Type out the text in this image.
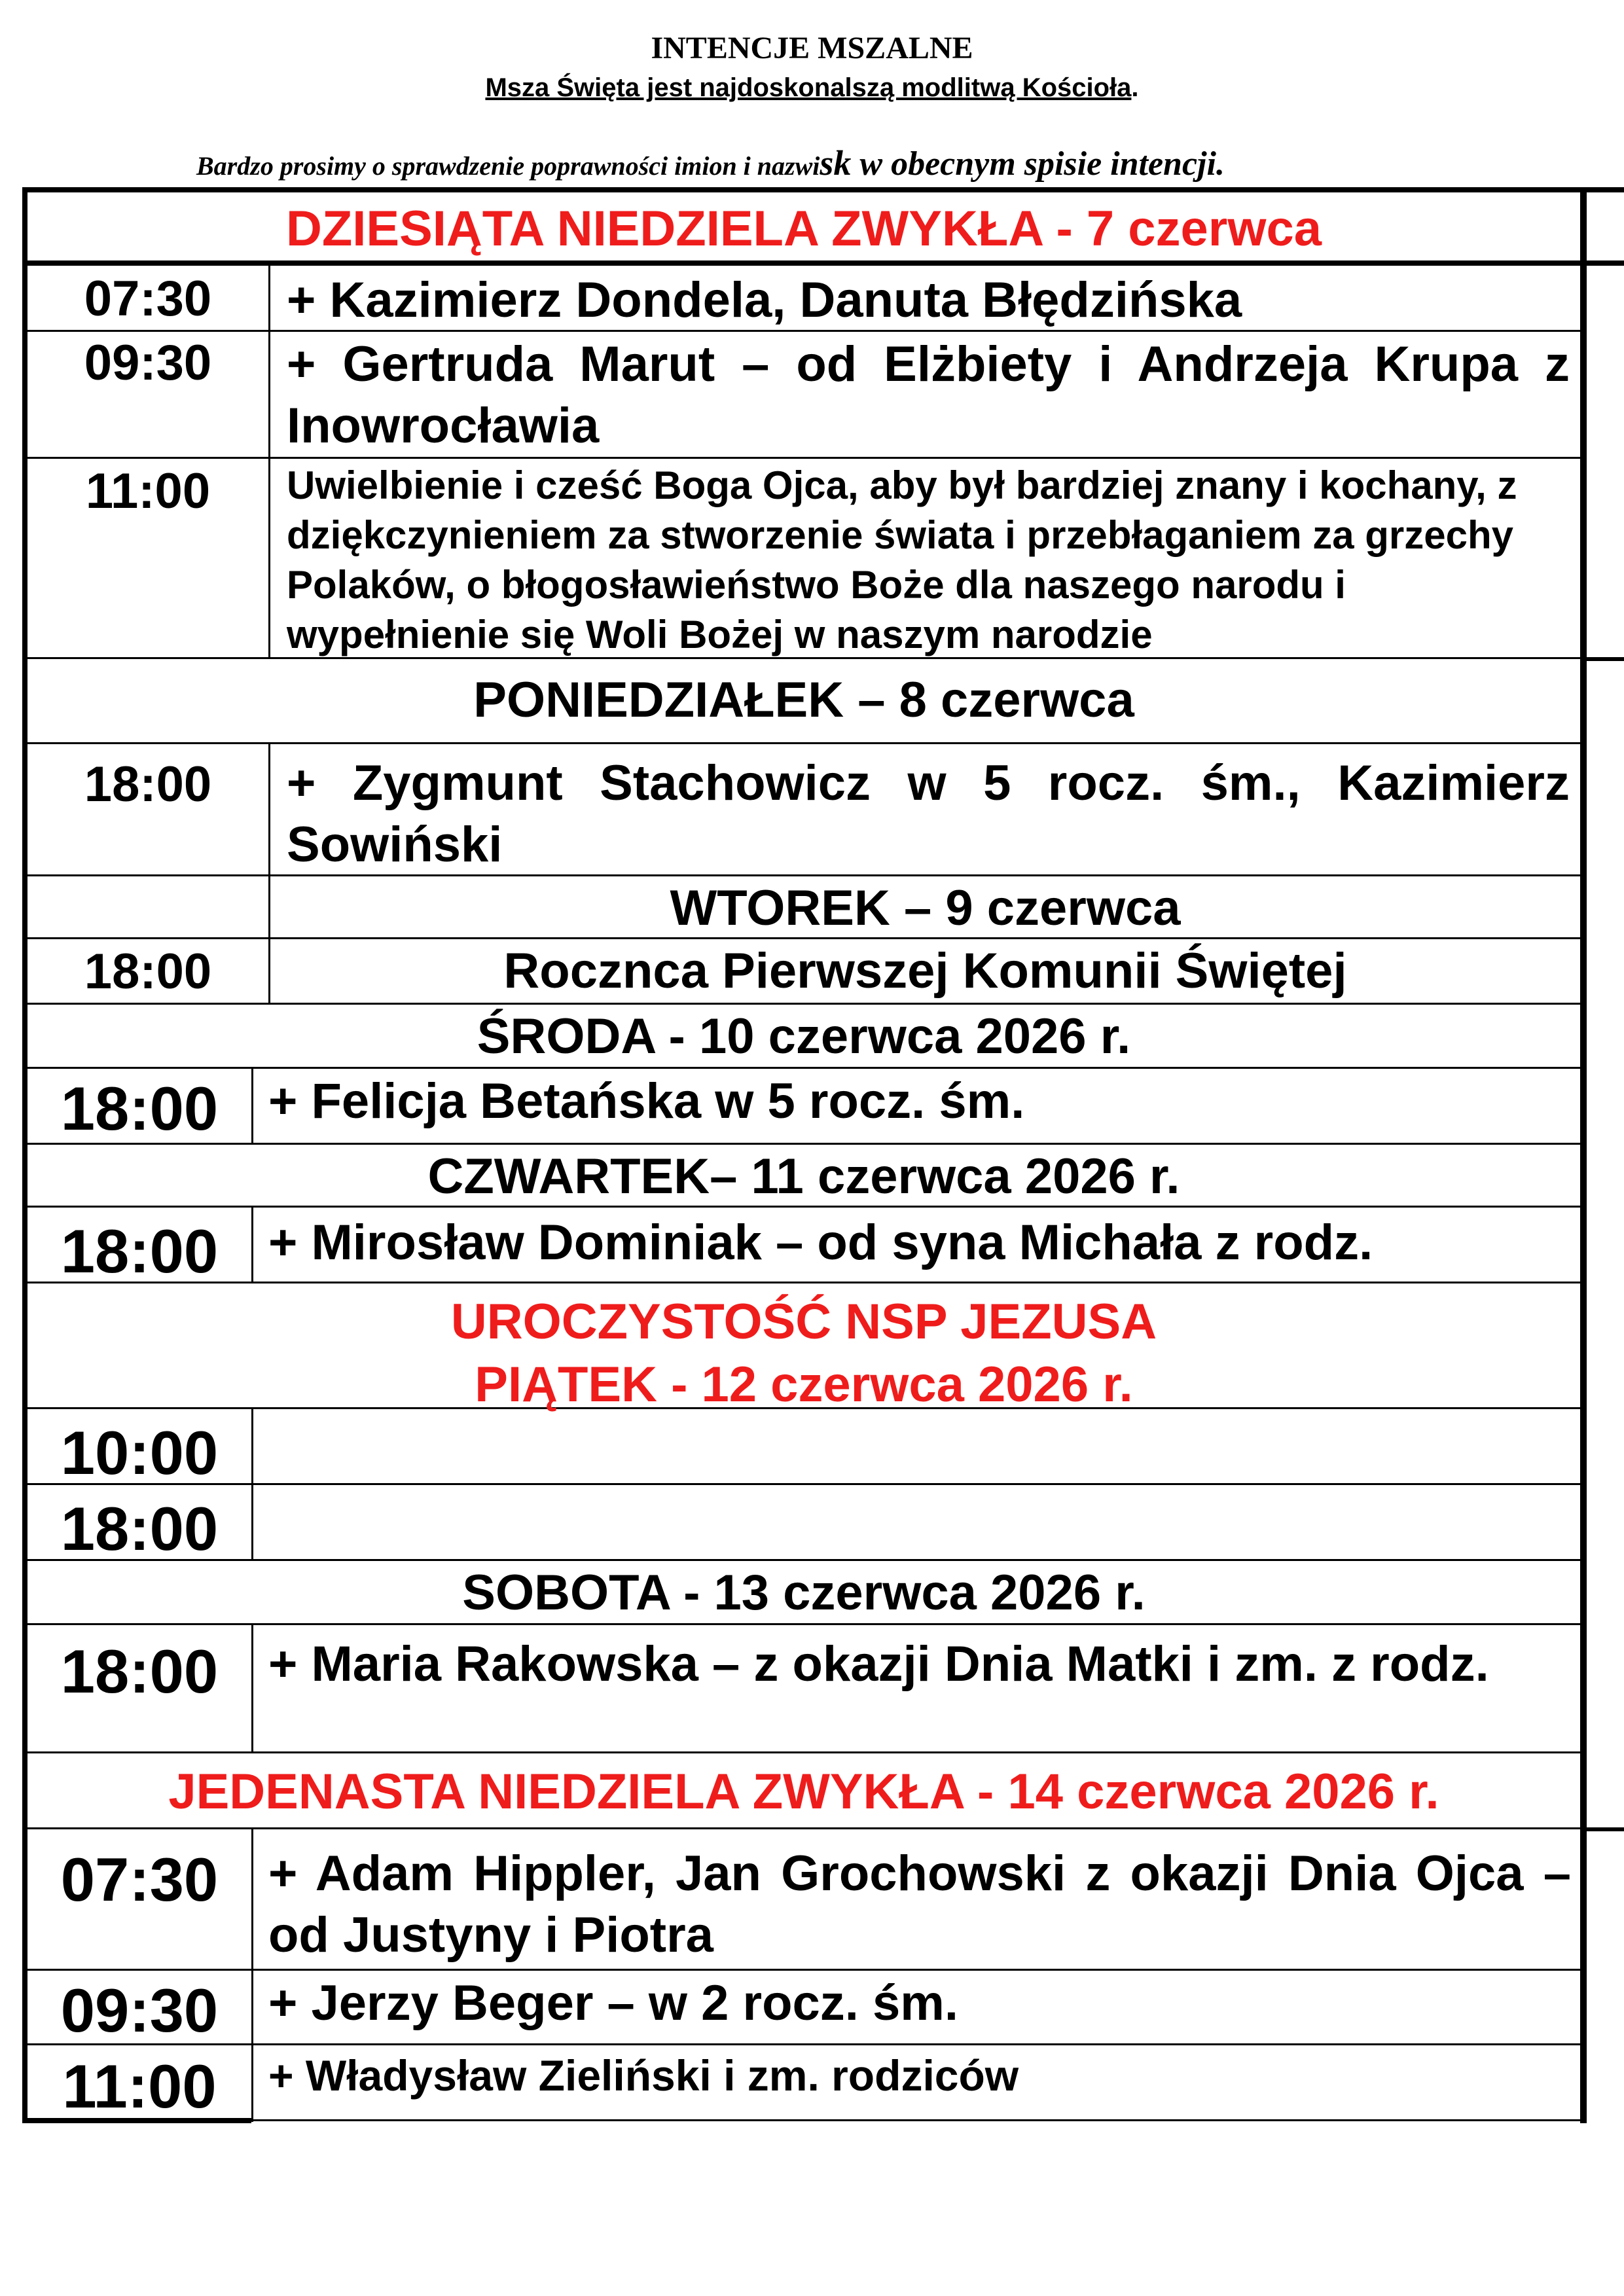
INTENCJE MSZALNE
Msza Święta jest najdoskonalszą modlitwą Kościoła.
Bardzo prosimy o sprawdzenie poprawności imion i nazwisk w obecnym spisie intencji.
DZIESIĄTA NIEDZIELA ZWYKŁA - 7 czerwca
07:30	+ Kazimierz Dondela, Danuta Błędzińska
09:30	+ Gertruda Marut – od Elżbiety i Andrzeja Krupa z Inowrocławia
11:00	Uwielbienie i cześć Boga Ojca, aby był bardziej znany i kochany, z dziękczynieniem za stworzenie świata i przebłaganiem za grzechy Polaków, o błogosławieństwo Boże dla naszego narodu i wypełnienie się Woli Bożej w naszym narodzie
PONIEDZIAŁEK – 8 czerwca
18:00	+ Zygmunt Stachowicz w 5 rocz. śm., Kazimierz Sowiński
WTOREK – 9 czerwca
18:00	Rocznca Pierwszej Komunii Świętej
ŚRODA - 10 czerwca 2026 r.
18:00	+ Felicja Betańska w 5 rocz. śm.
CZWARTEK– 11 czerwca 2026 r.
18:00	+ Mirosław Dominiak – od syna Michała z rodz.
UROCZYSTOŚĆ NSP JEZUSA
PIĄTEK - 12 czerwca 2026 r.
10:00
18:00
SOBOTA - 13 czerwca 2026 r.
18:00	+ Maria Rakowska – z okazji Dnia Matki i zm. z rodz.
JEDENASTA NIEDZIELA ZWYKŁA - 14 czerwca 2026 r.
07:30	+ Adam Hippler, Jan Grochowski z okazji Dnia Ojca – od Justyny i Piotra
09:30	+ Jerzy Beger – w 2 rocz. śm.
11:00	+ Władysław Zieliński i zm. rodziców
